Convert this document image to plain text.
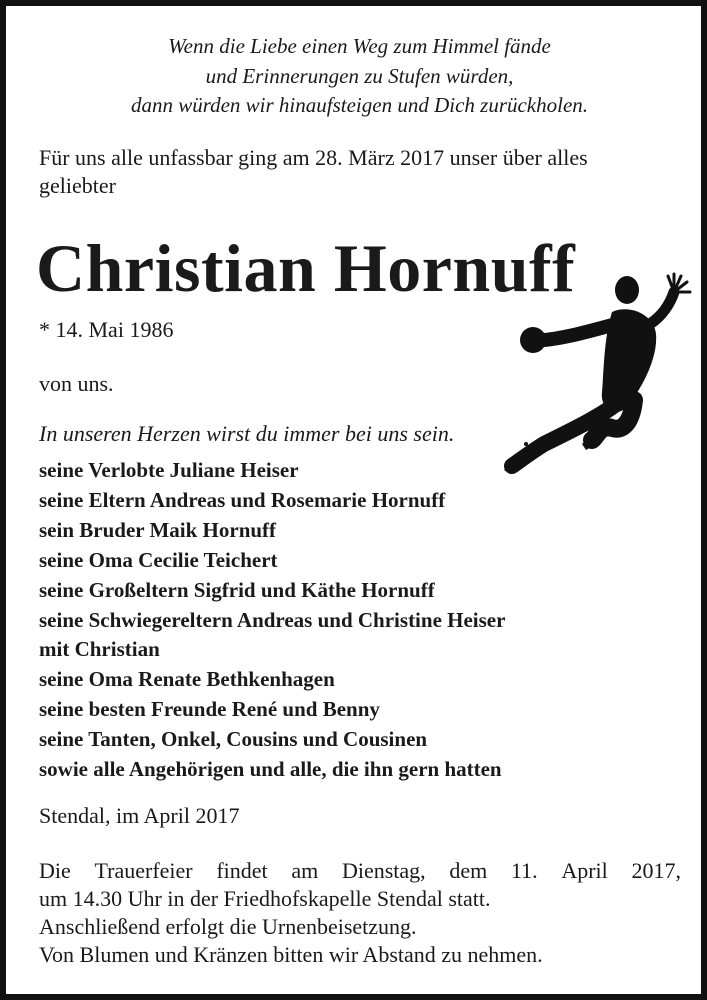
Wenn die Liebe einen Weg zum Himmel fände
und Erinnerungen zu Stufen würden,
dann würden wir hinaufsteigen und Dich zurückholen.
Für uns alle unfassbar ging am 28. März 2017 unser über alles
geliebter
Christian Hornuff
* 14. Mai 1986
von uns.
In unseren Herzen wirst du immer bei uns sein.
seine Verlobte Juliane Heiser
seine Eltern Andreas und Rosemarie Hornuff
sein Bruder Maik Hornuff
seine Oma Cecilie Teichert
seine Großeltern Sigfrid und Käthe Hornuff
seine Schwiegereltern Andreas und Christine Heiser
mit Christian
seine Oma Renate Bethkenhagen
seine besten Freunde René und Benny
seine Tanten, Onkel, Cousins und Cousinen
sowie alle Angehörigen und alle, die ihn gern hatten
Stendal, im April 2017
Die Trauerfeier findet am Dienstag, dem 11. April 2017,
um 14.30 Uhr in der Friedhofskapelle Stendal statt.
Anschließend erfolgt die Urnenbeisetzung.
Von Blumen und Kränzen bitten wir Abstand zu nehmen.
